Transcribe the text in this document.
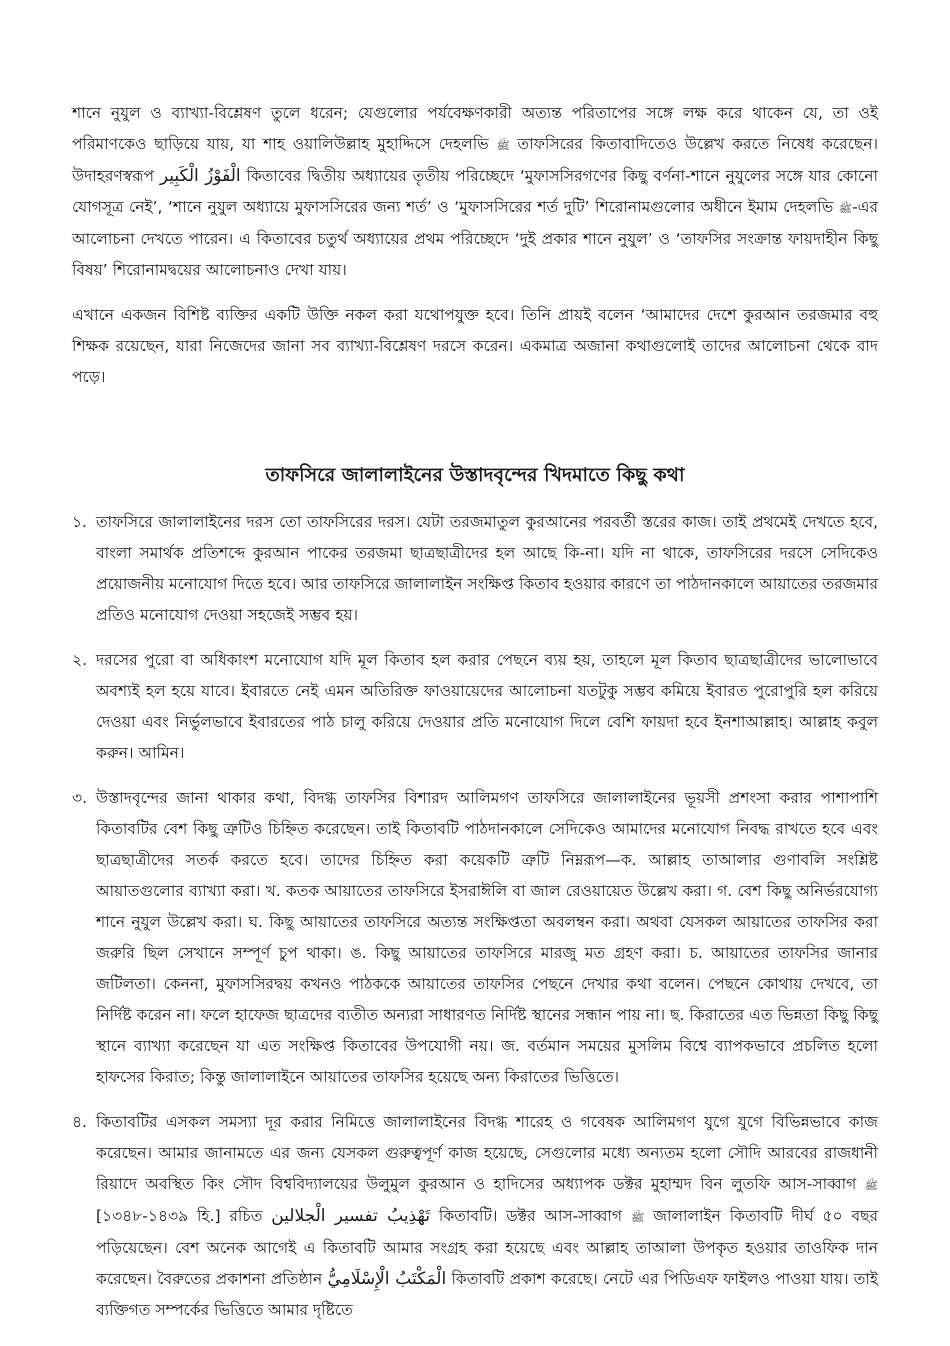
শানে নুযুল ও ব্যাখ্যা-বিশ্লেষণ তুলে ধরেন; যেগুলোর পর্যবেক্ষণকারী অত্যন্ত পরিতাপের সঙ্গে লক্ষ করে থাকেন যে, তা ওই পরিমাণকেও ছাড়িয়ে যায়, যা শাহ ওয়ালিউল্লাহ মুহাদ্দিসে দেহলভি ﷺ তাফসিরের কিতাবাদিতেও উল্লেখ করতে নিষেধ করেছেন। উদাহরণস্বরূপ الْفَوْزُ الْكَبِير কিতাবের দ্বিতীয় অধ্যায়ের তৃতীয় পরিচ্ছেদে ‘মুফাসসিরগণের কিছু বর্ণনা-শানে নুযুলের সঙ্গে যার কোনো যোগসূত্র নেই’, ‘শানে নুযুল অধ্যায়ে মুফাসসিরের জন্য শর্ত’ ও ‘মুফাসসিরের শর্ত দুটি’ শিরোনামগুলোর অধীনে ইমাম দেহলভি ﷺ-এর আলোচনা দেখতে পারেন। এ কিতাবের চতুর্থ অধ্যায়ের প্রথম পরিচ্ছেদে ‘দুই প্রকার শানে নুযুল’ ও ‘তাফসির সংক্রান্ত ফায়দাহীন কিছু বিষয়’ শিরোনামদ্বয়ের আলোচনাও দেখা যায়।

এখানে একজন বিশিষ্ট ব্যক্তির একটি উক্তি নকল করা যথোপযুক্ত হবে। তিনি প্রায়ই বলেন ‘আমাদের দেশে কুরআন তরজমার বহু শিক্ষক রয়েছেন, যারা নিজেদের জানা সব ব্যাখ্যা-বিশ্লেষণ দরসে করেন। একমাত্র অজানা কথাগুলোই তাদের আলোচনা থেকে বাদ পড়ে।

তাফসিরে জালালাইনের উস্তাদবৃন্দের খিদমাতে কিছু কথা

১. তাফসিরে জালালাইনের দরস তো তাফসিরের দরস। যেটা তরজমাতুল কুরআনের পরবর্তী স্তরের কাজ। তাই প্রথমেই দেখতে হবে, বাংলা সমার্থক প্রতিশব্দে কুরআন পাকের তরজমা ছাত্রছাত্রীদের হল আছে কি-না। যদি না থাকে, তাফসিরের দরসে সেদিকেও প্রয়োজনীয় মনোযোগ দিতে হবে। আর তাফসিরে জালালাইন সংক্ষিপ্ত কিতাব হওয়ার কারণে তা পাঠদানকালে আয়াতের তরজমার প্রতিও মনোযোগ দেওয়া সহজেই সম্ভব হয়।

২. দরসের পুরো বা অধিকাংশ মনোযোগ যদি মূল কিতাব হল করার পেছনে ব্যয় হয়, তাহলে মূল কিতাব ছাত্রছাত্রীদের ভালোভাবে অবশ্যই হল হয়ে যাবে। ইবারতে নেই এমন অতিরিক্ত ফাওয়ায়েদের আলোচনা যতটুকু সম্ভব কমিয়ে ইবারত পুরোপুরি হল করিয়ে দেওয়া এবং নির্ভুলভাবে ইবারতের পাঠ চালু করিয়ে দেওয়ার প্রতি মনোযোগ দিলে বেশি ফায়দা হবে ইনশাআল্লাহ। আল্লাহ কবুল করুন। আমিন।

৩. উস্তাদবৃন্দের জানা থাকার কথা, বিদগ্ধ তাফসির বিশারদ আলিমগণ তাফসিরে জালালাইনের ভূয়সী প্রশংসা করার পাশাপাশি কিতাবটির বেশ কিছু ত্রুটিও চিহ্নিত করেছেন। তাই কিতাবটি পাঠদানকালে সেদিকেও আমাদের মনোযোগ নিবদ্ধ রাখতে হবে এবং ছাত্রছাত্রীদের সতর্ক করতে হবে। তাদের চিহ্নিত করা কয়েকটি ত্রুটি নিম্নরূপ—ক. আল্লাহ তাআলার গুণাবলি সংশ্লিষ্ট আয়াতগুলোর ব্যাখ্যা করা। খ. কতক আয়াতের তাফসিরে ইসরাঈলি বা জাল রেওয়ায়েত উল্লেখ করা। গ. বেশ কিছু অনির্ভরযোগ্য শানে নুযুল উল্লেখ করা। ঘ. কিছু আয়াতের তাফসিরে অত্যন্ত সংক্ষিপ্ততা অবলম্বন করা। অথবা যেসকল আয়াতের তাফসির করা জরুরি ছিল সেখানে সম্পূর্ণ চুপ থাকা। ঙ. কিছু আয়াতের তাফসিরে মারজু মত গ্রহণ করা। চ. আয়াতের তাফসির জানার জটিলতা। কেননা, মুফাসসিরদ্বয় কখনও পাঠককে আয়াতের তাফসির পেছনে দেখার কথা বলেন। পেছনে কোথায় দেখবে, তা নির্দিষ্ট করেন না। ফলে হাফেজ ছাত্রদের ব্যতীত অন্যরা সাধারণত নির্দিষ্ট স্থানের সন্ধান পায় না। ছ. কিরাতের এত ভিন্নতা কিছু কিছু স্থানে ব্যাখ্যা করেছেন যা এত সংক্ষিপ্ত কিতাবের উপযোগী নয়। জ. বর্তমান সময়ের মুসলিম বিশ্বে ব্যাপকভাবে প্রচলিত হলো হাফসের কিরাত; কিন্তু জালালাইনে আয়াতের তাফসির হয়েছে অন্য কিরাতের ভিত্তিতে।

৪. কিতাবটির এসকল সমস্যা দূর করার নিমিত্তে জালালাইনের বিদগ্ধ শারেহ ও গবেষক আলিমগণ যুগে যুগে বিভিন্নভাবে কাজ করেছেন। আমার জানামতে এর জন্য যেসকল গুরুত্বপূর্ণ কাজ হয়েছে, সেগুলোর মধ্যে অন্যতম হলো সৌদি আরবের রাজধানী রিয়াদে অবস্থিত কিং সৌদ বিশ্ববিদ্যালয়ের উলুমুল কুরআন ও হাদিসের অধ্যাপক ডক্টর মুহাম্মদ বিন লুতফি আস-সাব্বাগ ﷺ [১৩৪৮-১৪৩৯ হি.] রচিত تَهْذِيبُ تفسير الْجلالين কিতাবটি। ডক্টর আস-সাব্বাগ ﷺ জালালাইন কিতাবটি দীর্ঘ ৫০ বছর পড়িয়েছেন। বেশ অনেক আগেই এ কিতাবটি আমার সংগ্রহ করা হয়েছে এবং আল্লাহ তাআলা উপকৃত হওয়ার তাওফিক দান করেছেন। বৈরুতের প্রকাশনা প্রতিষ্ঠান الْمَكْتَبُ الْإِسْلَامِيُّ কিতাবটি প্রকাশ করেছে। নেটে এর পিডিএফ ফাইলও পাওয়া যায়। তাই ব্যক্তিগত সম্পর্কের ভিত্তিতে আমার দৃষ্টিতে
